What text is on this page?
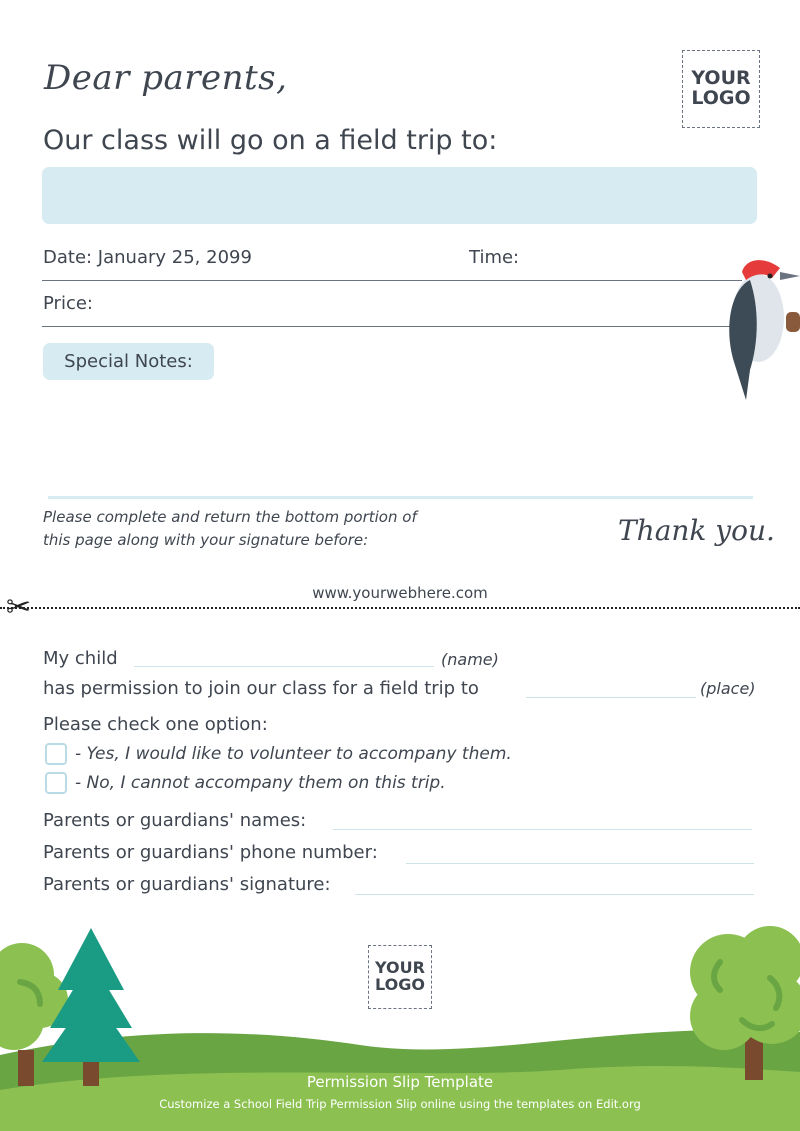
Dear parents,
Our class will go on a field trip to:
YOUR
LOGO
Date: January 25, 2099	Time:
Price:
Special Notes:
Please complete and return the bottom portion of
this page along with your signature before:	Thank you.
www.yourwebhere.com
✂
My child	(name)
has permission to join our class for a field trip to	(place)
Please check one option:
- Yes, I would like to volunteer to accompany them.
- No, I cannot accompany them on this trip.
Parents or guardians' names:
Parents or guardians' phone number:
Parents or guardians' signature:
YOUR
LOGO
Permission Slip Template
Customize a School Field Trip Permission Slip online using the templates on Edit.org
